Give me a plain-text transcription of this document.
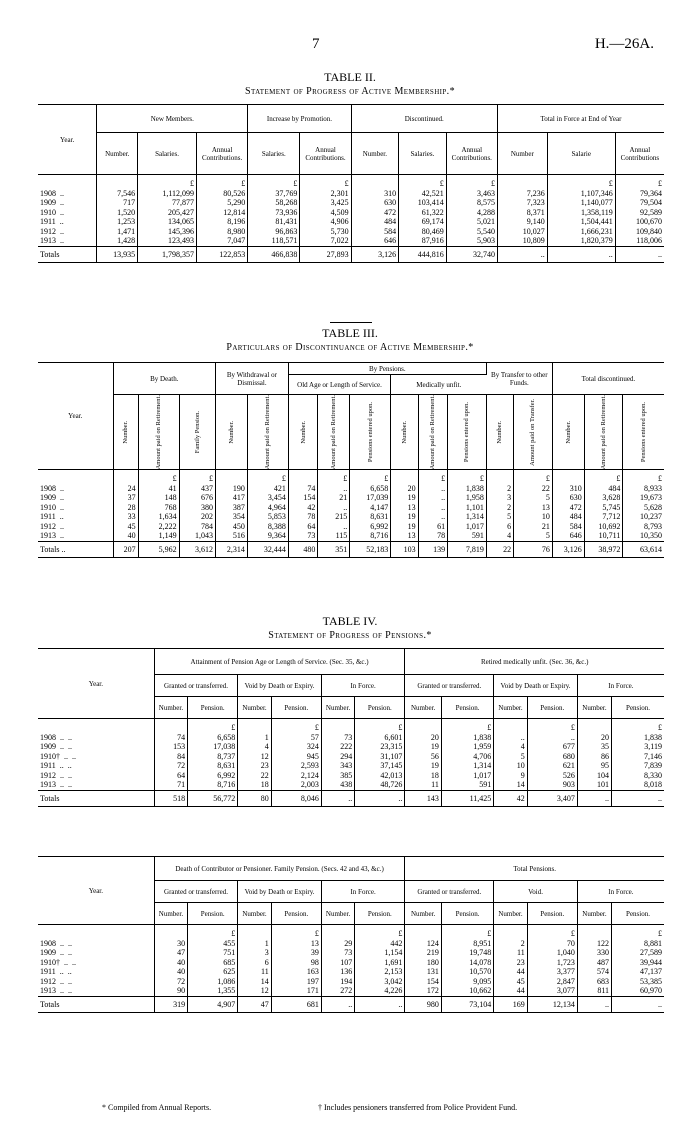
7	H.—26A.
TABLE II.
Statement of Progress of Active Membership.*
Year.	New Members.			Increase by Promotion.		Discontinued.			Total in Force at End of Year		
	Number.	Salaries.	Annual Contributions.	Salaries.	Annual Contributions.	Number.	Salaries.	Annual Contributions.	Number	Salarie	Annual Contributions
		£	£	£	£		£	£		£	£
1908  ..	7,546	1,112,099	80,526	37,769	2,301	310	42,521	3,463	7,236	1,107,346	79,364
1909  ..	717	77,877	5,290	58,268	3,425	630	103,414	8,575	7,323	1,140,077	79,504
1910  ..	1,520	205,427	12,814	73,936	4,509	472	61,322	4,288	8,371	1,358,119	92,589
1911  ..	1,253	134,065	8,196	81,431	4,906	484	69,174	5,021	9,140	1,504,441	100,670
1912  ..	1,471	145,396	8,980	96,863	5,730	584	80,469	5,540	10,027	1,666,231	109,840
1913  ..	1,428	123,493	7,047	118,571	7,022	646	87,916	5,903	10,809	1,820,379	118,006
Totals	13,935	1,798,357	122,853	466,838	27,893	3,126	444,816	32,740	..	..	..
TABLE III.
Particulars of Discontinuance of Active Membership.*
Year.	By Death.			By Withdrawal or Dismissal.		By Pensions.						By Transfer to other Funds.		Total discontinued.		
						Old Age or Length of Service.			Medically unfit.							

	Number.	Amount paid on Retirement.	Family Pension.	Number.	Amount paid on Retirement.	Number.	Amount paid on Retirement.	Pensions entered upon.	Number.	Amount paid on Retirement.	Pensions entered upon.	Number.	Amount paid on Transfer.	Number.	Amount paid on Retirement.	Pensions entered upon.

		£	£		£		£	£		£	£		£		£	£
1908  ..	24	41	437	190	421	74	..	6,658	20	..	1,838	2	22	310	484	8,933
1909  ..	37	148	676	417	3,454	154	21	17,039	19	..	1,958	3	5	630	3,628	19,673
1910  ..	28	768	380	387	4,964	42	..	4,147	13	..	1,101	2	13	472	5,745	5,628
1911  ..	33	1,634	202	354	5,853	78	215	8,631	19	..	1,314	5	10	484	7,712	10,237
1912  ..	45	2,222	784	450	8,388	64	..	6,992	19	61	1,017	6	21	584	10,692	8,793
1913  ..	40	1,149	1,043	516	9,364	73	115	8,716	13	78	591	4	5	646	10,711	10,350
Totals ..	207	5,962	3,612	2,314	32,444	480	351	52,183	103	139	7,819	22	76	3,126	38,972	63,614
TABLE IV.
Statement of Progress of Pensions.*
Year.	Attainment of Pension Age or Length of Service. (Sec. 35, &c.)						Retired medically unfit. (Sec. 36, &c.)					
	Granted or transferred.		Void by Death or Expiry.		In Force.		Granted or transferred.		Void by Death or Expiry.		In Force.	
	Number.	Pension.	Number.	Pension.	Number.	Pension.	Number.	Pension.	Number.	Pension.	Number.	Pension.
		£		£		£		£		£		£
1908  ..  ..	74	6,658	1	57	73	6,601	20	1,838	..	..	20	1,838
1909  ..  ..	153	17,038	4	324	222	23,315	19	1,959	4	677	35	3,119
1910†  ..  ..	84	8,737	12	945	294	31,107	56	4,706	5	680	86	7,146
1911  ..  ..	72	8,631	23	2,593	343	37,145	19	1,314	10	621	95	7,839
1912  ..  ..	64	6,992	22	2,124	385	42,013	18	1,017	9	526	104	8,330
1913  ..  ..	71	8,716	18	2,003	438	48,726	11	591	14	903	101	8,018
Totals	518	56,772	80	8,046	..	..	143	11,425	42	3,407	..	..
Year.	Death of Contributor or Pensioner. Family Pension. (Secs. 42 and 43, &c.)						Total Pensions.					
	Granted or transferred.		Void by Death or Expiry.		In Force.		Granted or transferred.		Void.		In Force.	
	Number.	Pension.	Number.	Pension.	Number.	Pension.	Number.	Pension.	Number.	Pension.	Number.	Pension.
		£		£		£		£		£		£
1908  ..  ..	30	455	1	13	29	442	124	8,951	2	70	122	8,881
1909  ..  ..	47	751	3	39	73	1,154	219	19,748	11	1,040	330	27,589
1910†  ..  ..	40	685	6	98	107	1,691	180	14,078	23	1,723	487	39,944
1911  ..  ..	40	625	11	163	136	2,153	131	10,570	44	3,377	574	47,137
1912  ..  ..	72	1,086	14	197	194	3,042	154	9,095	45	2,847	683	53,385
1913  ..  ..	90	1,355	12	171	272	4,226	172	10,662	44	3,077	811	60,970
Totals	319	4,907	47	681	..	..	980	73,104	169	12,134	..	..
* Compiled from Annual Reports.	† Includes pensioners transferred from Police Provident Fund.
